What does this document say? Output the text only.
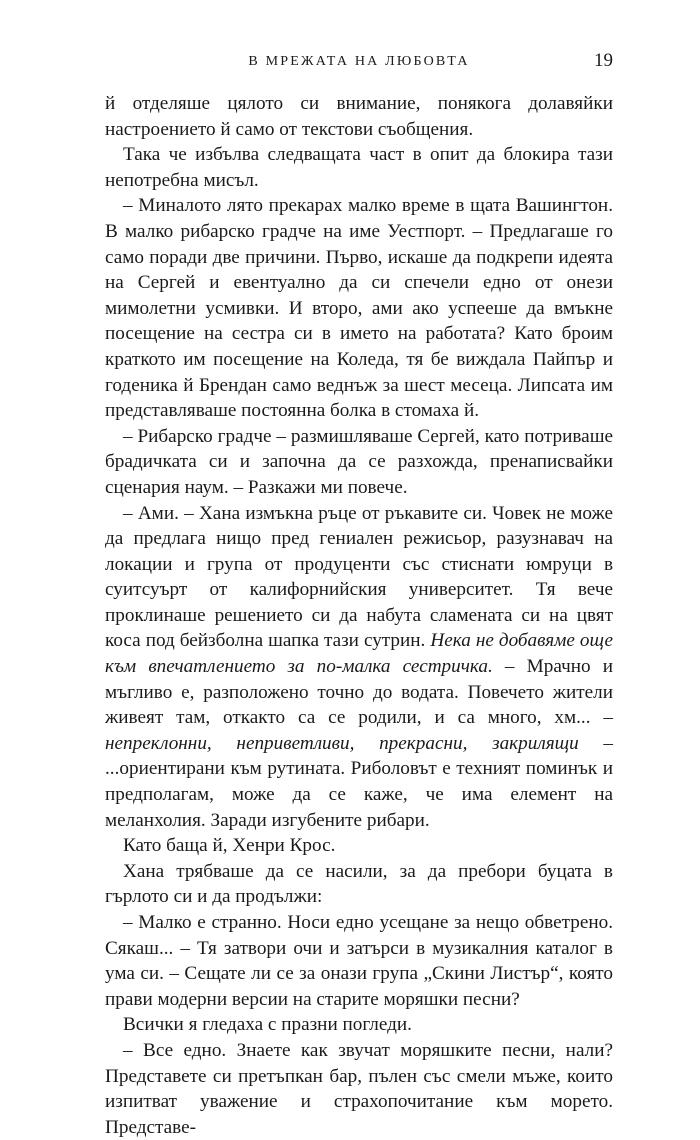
В МРЕЖАТА НА ЛЮБОВТА	19

й отделяше цялото си внимание, понякога долавяйки настроението й само от текстови съобщения.

Така че избълва следващата част в опит да блокира тази непотребна мисъл.

– Миналото лято прекарах малко време в щата Вашингтон. В малко рибарско градче на име Уестпорт. – Предлагаше го само поради две причини. Първо, искаше да подкрепи идеята на Сергей и евентуално да си спечели едно от онези мимолетни усмивки. И второ, ами ако успееше да вмъкне посещение на сестра си в името на работата? Като броим краткото им посещение на Коледа, тя бе виждала Пайпър и годеника й Брендан само веднъж за шест месеца. Липсата им представляваше постоянна болка в стомаха й.

– Рибарско градче – размишляваше Сергей, като потриваше брадичката си и започна да се разхожда, пренаписвайки сценария наум. – Разкажи ми повече.

– Ами. – Хана измъкна ръце от ръкавите си. Човек не може да предлага нищо пред гениален режисьор, разузнавач на локации и група от продуценти със стиснати юмруци в суитсуърт от калифорнийския университет. Тя вече проклинаше решението си да набута сламената си на цвят коса под бейзболна шапка тази сутрин. Нека не добавяме още към впечатлението за по-малка сестричка. – Мрачно и мъгливо е, разположено точно до водата. Повечето жители живеят там, откакто са се родили, и са много, хм... – непреклонни, неприветливи, прекрасни, закрилящи – ...ориентирани към рутината. Риболовът е техният поминък и предполагам, може да се каже, че има елемент на меланхолия. Заради изгубените рибари.

Като баща й, Хенри Крос.

Хана трябваше да се насили, за да пребори буцата в гърлото си и да продължи:

– Малко е странно. Носи едно усещане за нещо обветрено. Сякаш... – Тя затвори очи и затърси в музикалния каталог в ума си. – Сещате ли се за онази група „Скини Листър“, която прави модерни версии на старите моряшки песни?

Всички я гледаха с празни погледи.

– Все едно. Знаете как звучат моряшките песни, нали? Представете си претъпкан бар, пълен със смели мъже, които изпитват уважение и страхопочитание към морето. Представе-
